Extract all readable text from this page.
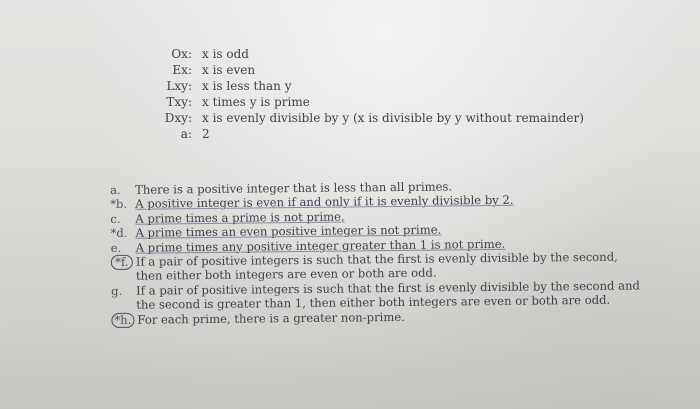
Ox: x is odd
Ex: x is even
Lxy: x is less than y
Txy: x times y is prime
Dxy: x is evenly divisible by y (x is divisible by y without remainder)
a: 2
a.	There is a positive integer that is less than all primes.
*b. A positive integer is even if and only if it is evenly divisible by 2.
c.	A prime times a prime is not prime.
*d. A prime times an even positive integer is not prime.
e.	A prime times any positive integer greater than 1 is not prime.
*f. If a pair of positive integers is such that the first is evenly divisible by the second, then either both integers are even or both are odd.
g.	If a pair of positive integers is such that the first is evenly divisible by the second and the second is greater than 1, then either both integers are even or both are odd.
*h. For each prime, there is a greater non-prime.
